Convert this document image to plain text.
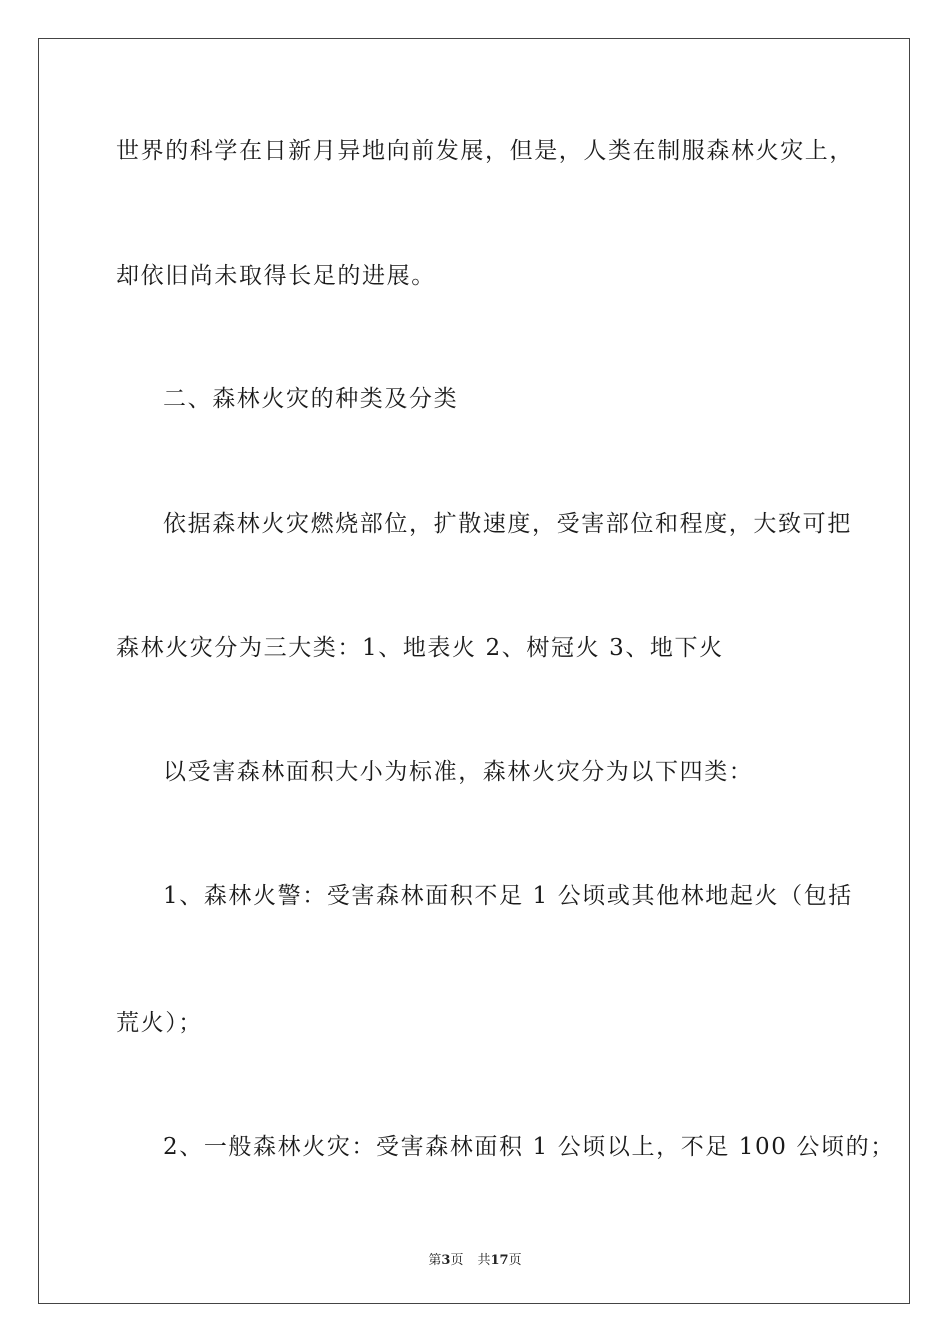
世界的科学在日新月异地向前发展，但是，人类在制服森林火灾上，
却依旧尚未取得长足的进展。
二、森林火灾的种类及分类
依据森林火灾燃烧部位，扩散速度，受害部位和程度，大致可把
森林火灾分为三大类：1、地表火 2、树冠火 3、地下火
以受害森林面积大小为标准，森林火灾分为以下四类：
1、森林火警：受害森林面积不足 1 公顷或其他林地起火（包括
荒火）；
2、一般森林火灾：受害森林面积 1 公顷以上，不足 100 公顷的；
第3页 共17页
